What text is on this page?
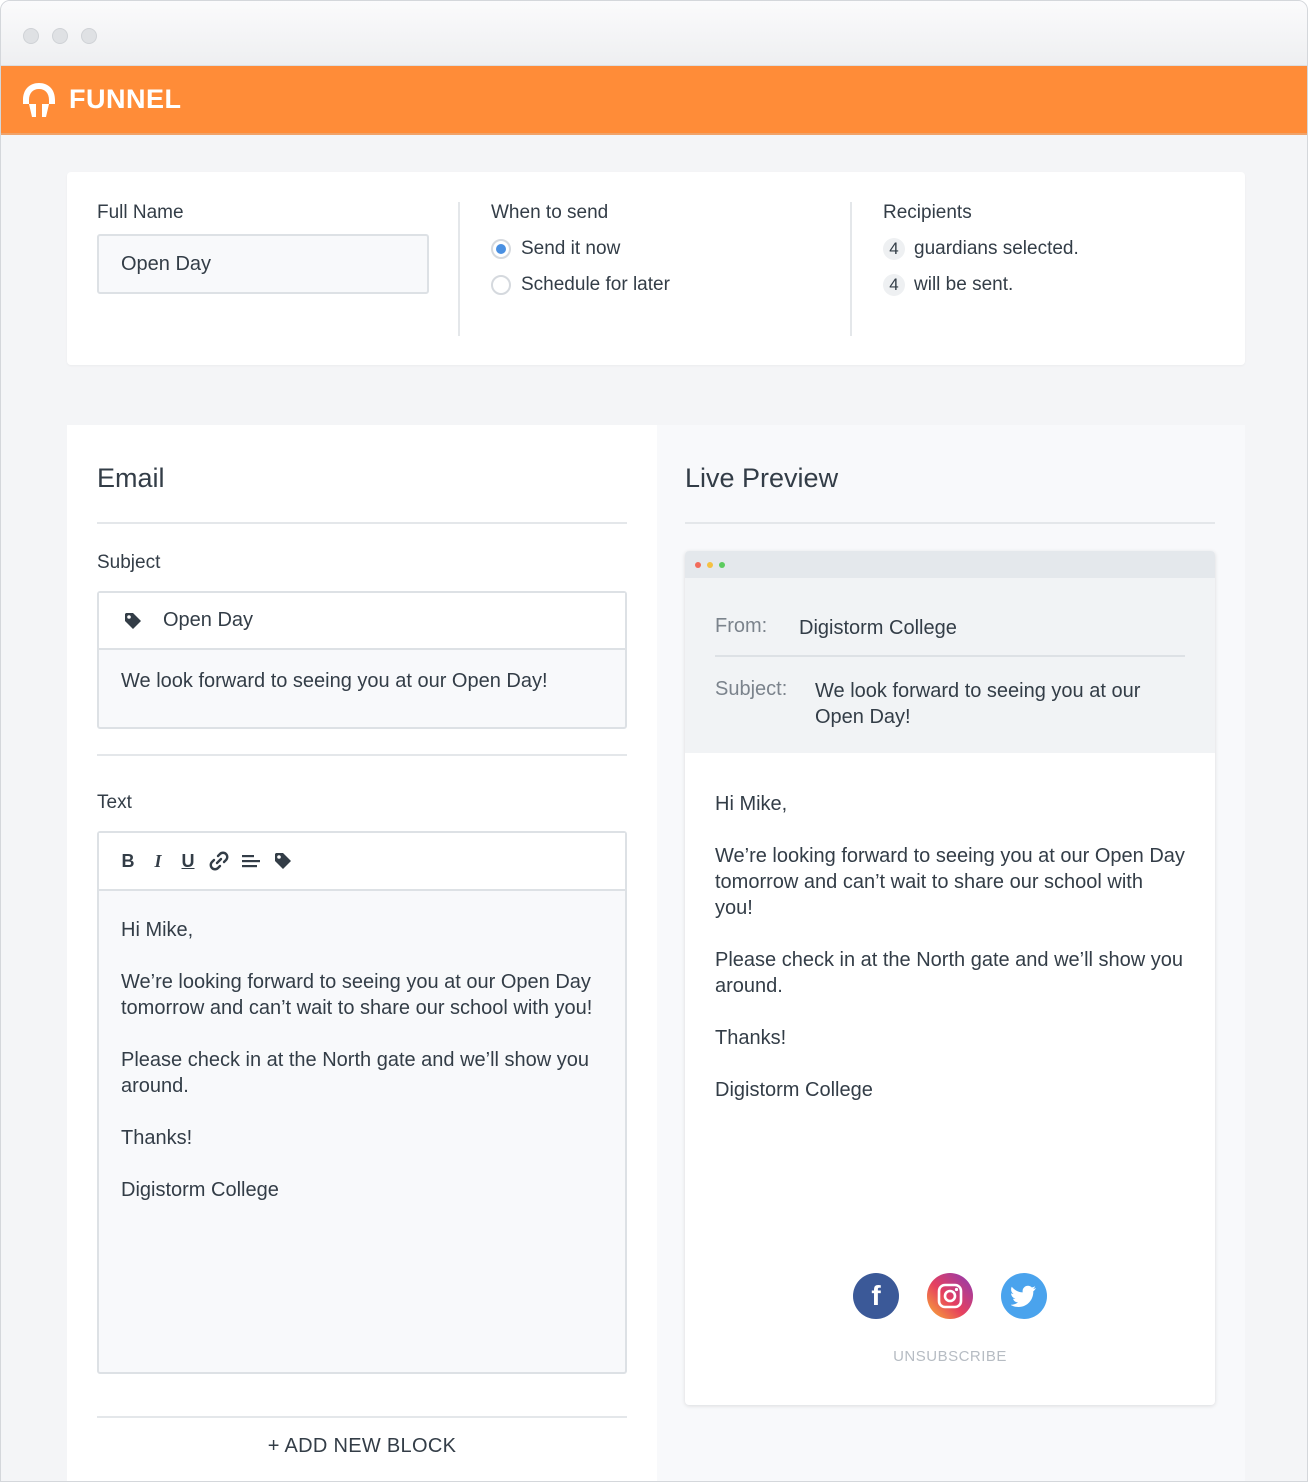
FUNNEL
Full Name
Open Day
When to send
Send it now
Schedule for later
Recipients
4 guardians selected.
4 will be sent.
Email
Subject
Open Day
We look forward to seeing you at our Open Day!
Text
B	I	U

Hi Mike,

We’re looking forward to seeing you at our Open Day tomorrow and can’t wait to share our school with you!

Please check in at the North gate and we’ll show you around.

Thanks!

Digistorm College

+ ADD NEW BLOCK
Live Preview
From:	Digistorm College
Subject:	We look forward to seeing you at our Open Day!

Hi Mike,

We’re looking forward to seeing you at our Open Day tomorrow and can’t wait to share our school with you!

Please check in at the North gate and we’ll show you around.

Thanks!

Digistorm College

f
UNSUBSCRIBE
